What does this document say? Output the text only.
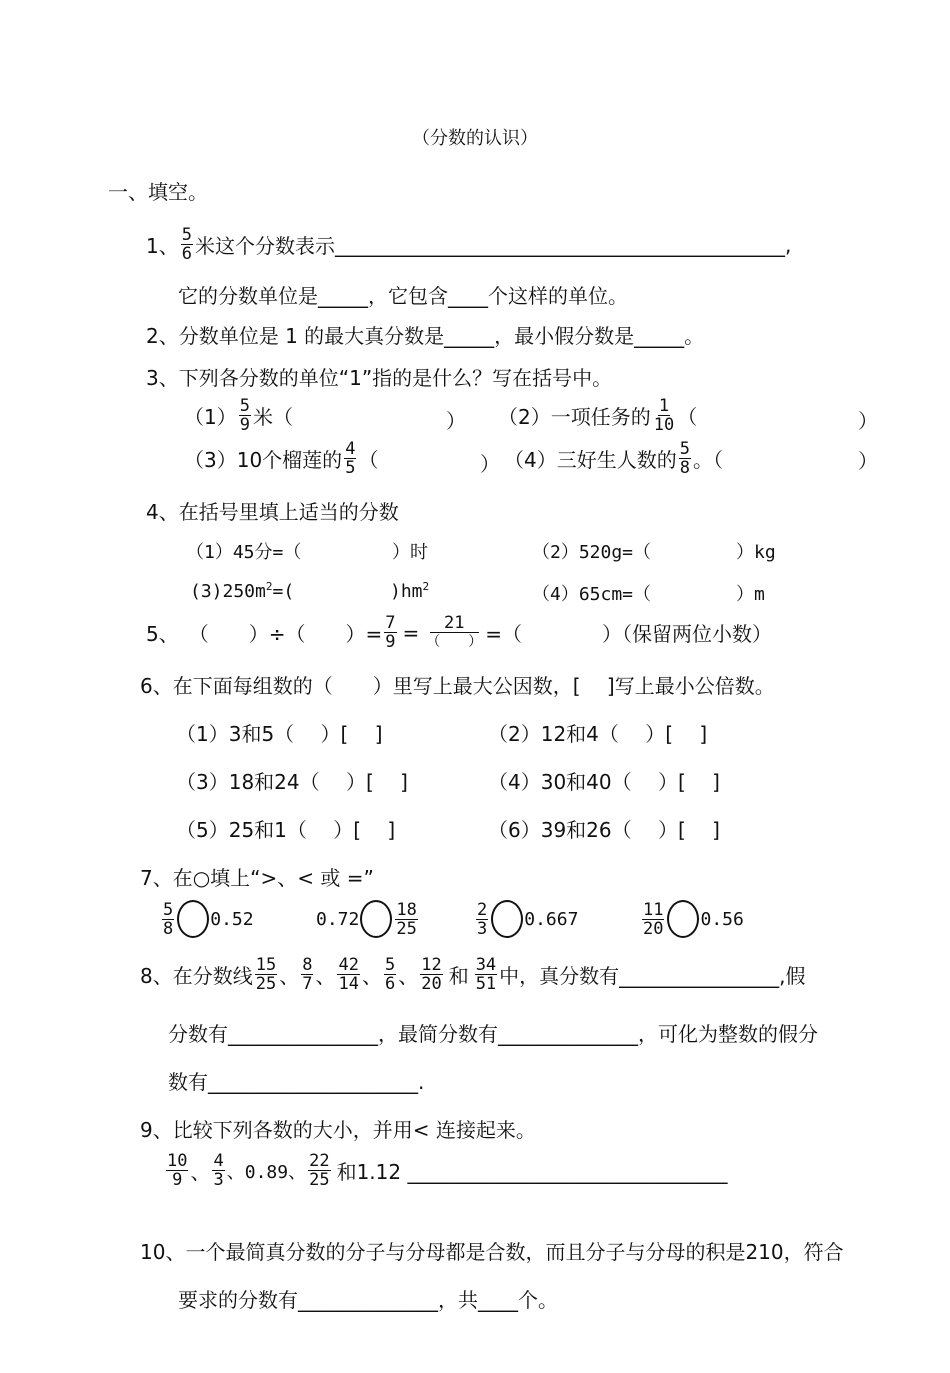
（分数的认识）
一、填空。
1、 $\frac{5}{6}$ 米这个分数表示 _____________________________________________,
它的分数单位是_____，它包含____个这样的单位。
2、分数单位是 1 的最大真分数是_____，最小假分数是_____。
3、下列各分数的单位“1”指的是什么？写在括号中。
$(1) \frac{5}{9}$ 米（	） （2）一项任务的 $\frac{1}{10}$ （	）
（3）10个榴莲的 $\frac{4}{5}$ （	） （4）三好生人数的 $\frac{5}{8}$ 。（	）
4、在括号里填上适当的分数
（1）45分=（	）时	（2）520g=（	）kg
$(3)250m^2=$(	)$hm^2$	（4）65cm=（	）m
5、 （　　）÷（　　）= $\frac{7}{9} = \frac{21}{( )}$ =（　　　　）（保留两位小数）
6、在下面每组数的（　　）里写上最大公因数，[　 ]写上最小公倍数。
（1）3和5（　 ）[　 ]	（2）12和4（　 ）[　 ]
（3）18和24（　 ）[　 ]	（4）30和40（　 ）[　 ]
（5）25和1（　 ）[　 ]	（6）39和26（　 ）[　 ]
7、在○填上“>、< 或 =”
$\frac{5}{8} 0.52$	$0.72 \frac{18}{25}$	$\frac{2}{3} 0.667$	$\frac{11}{20} 0.56$
8、 在分数线 $\frac{15}{25}$ 、 $\frac{8}{7}$ 、 $\frac{42}{14}$ 、 $\frac{5}{6}$ 、 $\frac{12}{20}$ 和 $\frac{34}{51}$ 中，真分数有________________,假
分数有_______________，最简分数有______________，可化为整数的假分
数有_____________________.
9、比较下列各数的大小，并用< 连接起来。
$\frac{10}{9}$ 、 $\frac{4}{3}$ 、0.89、 $\frac{22}{25}$ 和1.12 ________________________________
10、一个最简真分数的分子与分母都是合数，而且分子与分母的积是210，符合
要求的分数有______________，共____个。
